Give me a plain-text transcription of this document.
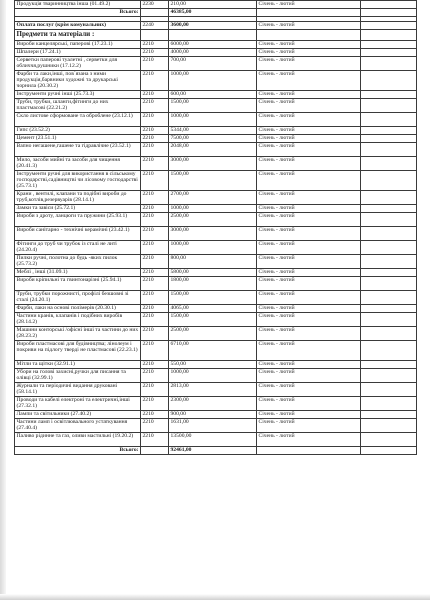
Продукція тваринництва інша (01.49.2)	2230	210,00	Січень - лютий	
Всього:		46385,00		

Оплата послуг (крім комунальних)	2240	3600,00	Січень - лютий	
Предмети та матеріали :				
Вироби канцелярські, паперові (17.23.1)	2210	6000,00	Січень - лютий	
Шпалери (17.24.1)	2210	4000,00	Січень - лютий	
Серветки паперові туалетні , серветки для обличчя,рушники (17.12.2)	2210	700,00	Січень - лютий	
Фарби та лаки,інші, пов`язана з ними продукція,барвники художні та друкарські чорнила (20.30.2)	2210	1000,00	Січень - лютий	
Інструменти ручні інші (25.73.3)	2210	600,00	Січень - лютий	
Труби, трубки, шланги,фітинги до них пластмасові (22.21.2)	2210	1500,00	Січень - лютий	
Скло листове сформоване та оброблене (23.12.1)	2210	1000,00	Січень - лютий	
Гипс (23.52.2)	2210	5344,00	Січень - лютий	
Цемент (23.51.1)	2210	7500,00	Січень - лютий	
Вапно негашене,гашене та гідравлічне (23.52.1)	2210	2048,00	Січень - лютий	
Мило, засоби мийні та засоби для чищення (20.41.3)	2210	3000,00	Січень - лютий	
Інструменти ручні для використання в сільському господарстві,садівництві чи лісовому господарстві (25.73.1)	2210	1500,00	Січень - лютий	
Крани , вентилі, клапани та подібні вироби до труб,котлів,резервуарів (28.14.1)	2210	2700,00	Січень - лютий	
Замки та завіси (25.72.1)	2210	1000,00	Січень - лютий	
Вироби з дроту, ланцюги та пружини (25.93.1)	2210	2500,00	Січень - лютий	
Вироби санітарно - технічні керамічні (23.42.1)	2210	3000,00	Січень - лютий	
Фітинги до труб чи трубок із сталі не литі (24.20.4)	2210	1000,00	Січень - лютий	
Пилки ручні, полотна до будь -яких пилок (25.73.2)	2210	800,00	Січень - лютий	
Меблі , інші (31.09.1)	2210	5800,00	Січень - лютий	
Вироби кріпильні та гвинтонарізні (25.94.1)	2210	1800,00	Січень - лютий	
Труби, трубки порожнисті, профілі безшовні зі сталі (24.20.1)	2210	1500,00	Січень - лютий	
Фарби, лаки на основі полімерів (20.30.1)	2210	4065,00	Січень - лютий	
Частини кранів, клапанів і подібних виробів (28.14.2)	2210	1500,00	Січень - лютий	
Машини конторські /офісні інші та частини до них (28.23.2)	2210	2500,00	Січень - лютий	
Вироби пластмасові для будівництва; лінолеум і покриви на підлогу тверді не пластмасові (22.23.1)	2210	6710,00	Січень - лютий	
Мітли та щітки (32.91.1)	2210	550,00	Січень - лютий	
Убори на голові захисні,ручки для писання та олівці (32.99.1)	2210	1000,00	Січень - лютий	
Журнали та періодичні видання друковані (58.14.1)	2210	2813,00	Січень - лютий	
Проводи та кабелі електроні та електричні,інші (27.32.1)	2210	2300,00	Січень - лютий	
Лампи та світильники (27.40.2)	2210	900,00	Січень - лютий	
Частини ламп і освітлювального устаткування (27.40.4)	2210	1631,00	Січень - лютий	
Паливо рідинне та газ, оливи мастильні (19.20.2)	2210	13500,00	Січень - лютий	
Всього:		92461,00		
